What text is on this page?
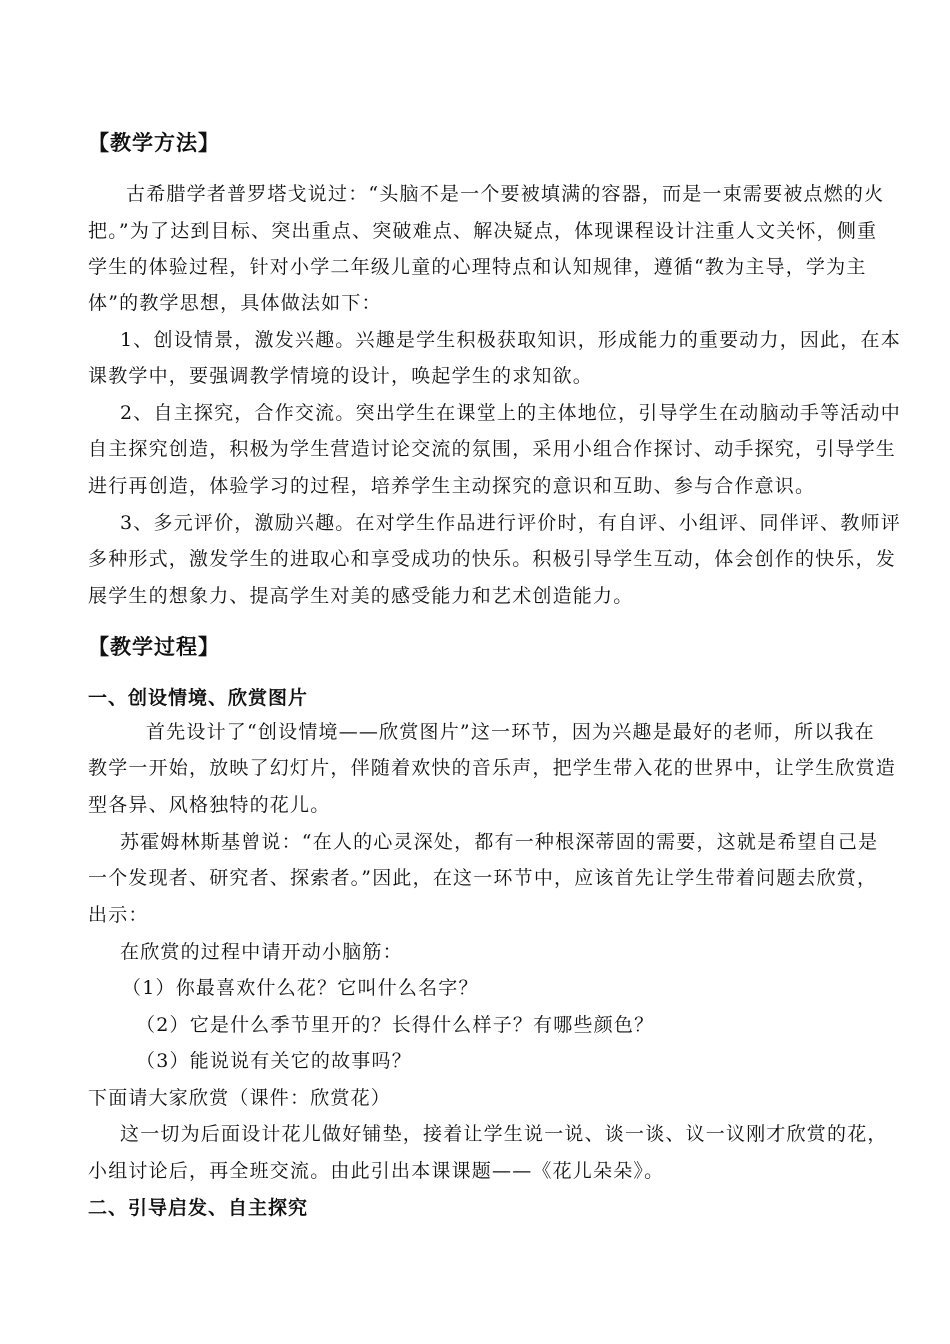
【教学方法】
古希腊学者普罗塔戈说过：“头脑不是一个要被填满的容器，而是一束需要被点燃的火
把。”为了达到目标、突出重点、突破难点、解决疑点，体现课程设计注重人文关怀，侧重
学生的体验过程，针对小学二年级儿童的心理特点和认知规律，遵循“教为主导，学为主
体”的教学思想，具体做法如下：
1、创设情景，激发兴趣。兴趣是学生积极获取知识，形成能力的重要动力，因此，在本
课教学中，要强调教学情境的设计，唤起学生的求知欲。
2、自主探究，合作交流。突出学生在课堂上的主体地位，引导学生在动脑动手等活动中
自主探究创造，积极为学生营造讨论交流的氛围，采用小组合作探讨、动手探究，引导学生
进行再创造，体验学习的过程，培养学生主动探究的意识和互助、参与合作意识。
3、多元评价，激励兴趣。在对学生作品进行评价时，有自评、小组评、同伴评、教师评
多种形式，激发学生的进取心和享受成功的快乐。积极引导学生互动，体会创作的快乐，发
展学生的想象力、提高学生对美的感受能力和艺术创造能力。
【教学过程】
一、创设情境、欣赏图片
首先设计了“创设情境——欣赏图片”这一环节，因为兴趣是最好的老师，所以我在
教学一开始，放映了幻灯片，伴随着欢快的音乐声，把学生带入花的世界中，让学生欣赏造
型各异、风格独特的花儿。
苏霍姆林斯基曾说：“在人的心灵深处，都有一种根深蒂固的需要，这就是希望自己是
一个发现者、研究者、探索者。”因此，在这一环节中，应该首先让学生带着问题去欣赏，
出示：
在欣赏的过程中请开动小脑筋：
（1）你最喜欢什么花？它叫什么名字？
（2）它是什么季节里开的？长得什么样子？有哪些颜色？
（3）能说说有关它的故事吗？
下面请大家欣赏（课件：欣赏花）
这一切为后面设计花儿做好铺垫，接着让学生说一说、谈一谈、议一议刚才欣赏的花，
小组讨论后，再全班交流。由此引出本课课题——《花儿朵朵》。
二、引导启发、自主探究
